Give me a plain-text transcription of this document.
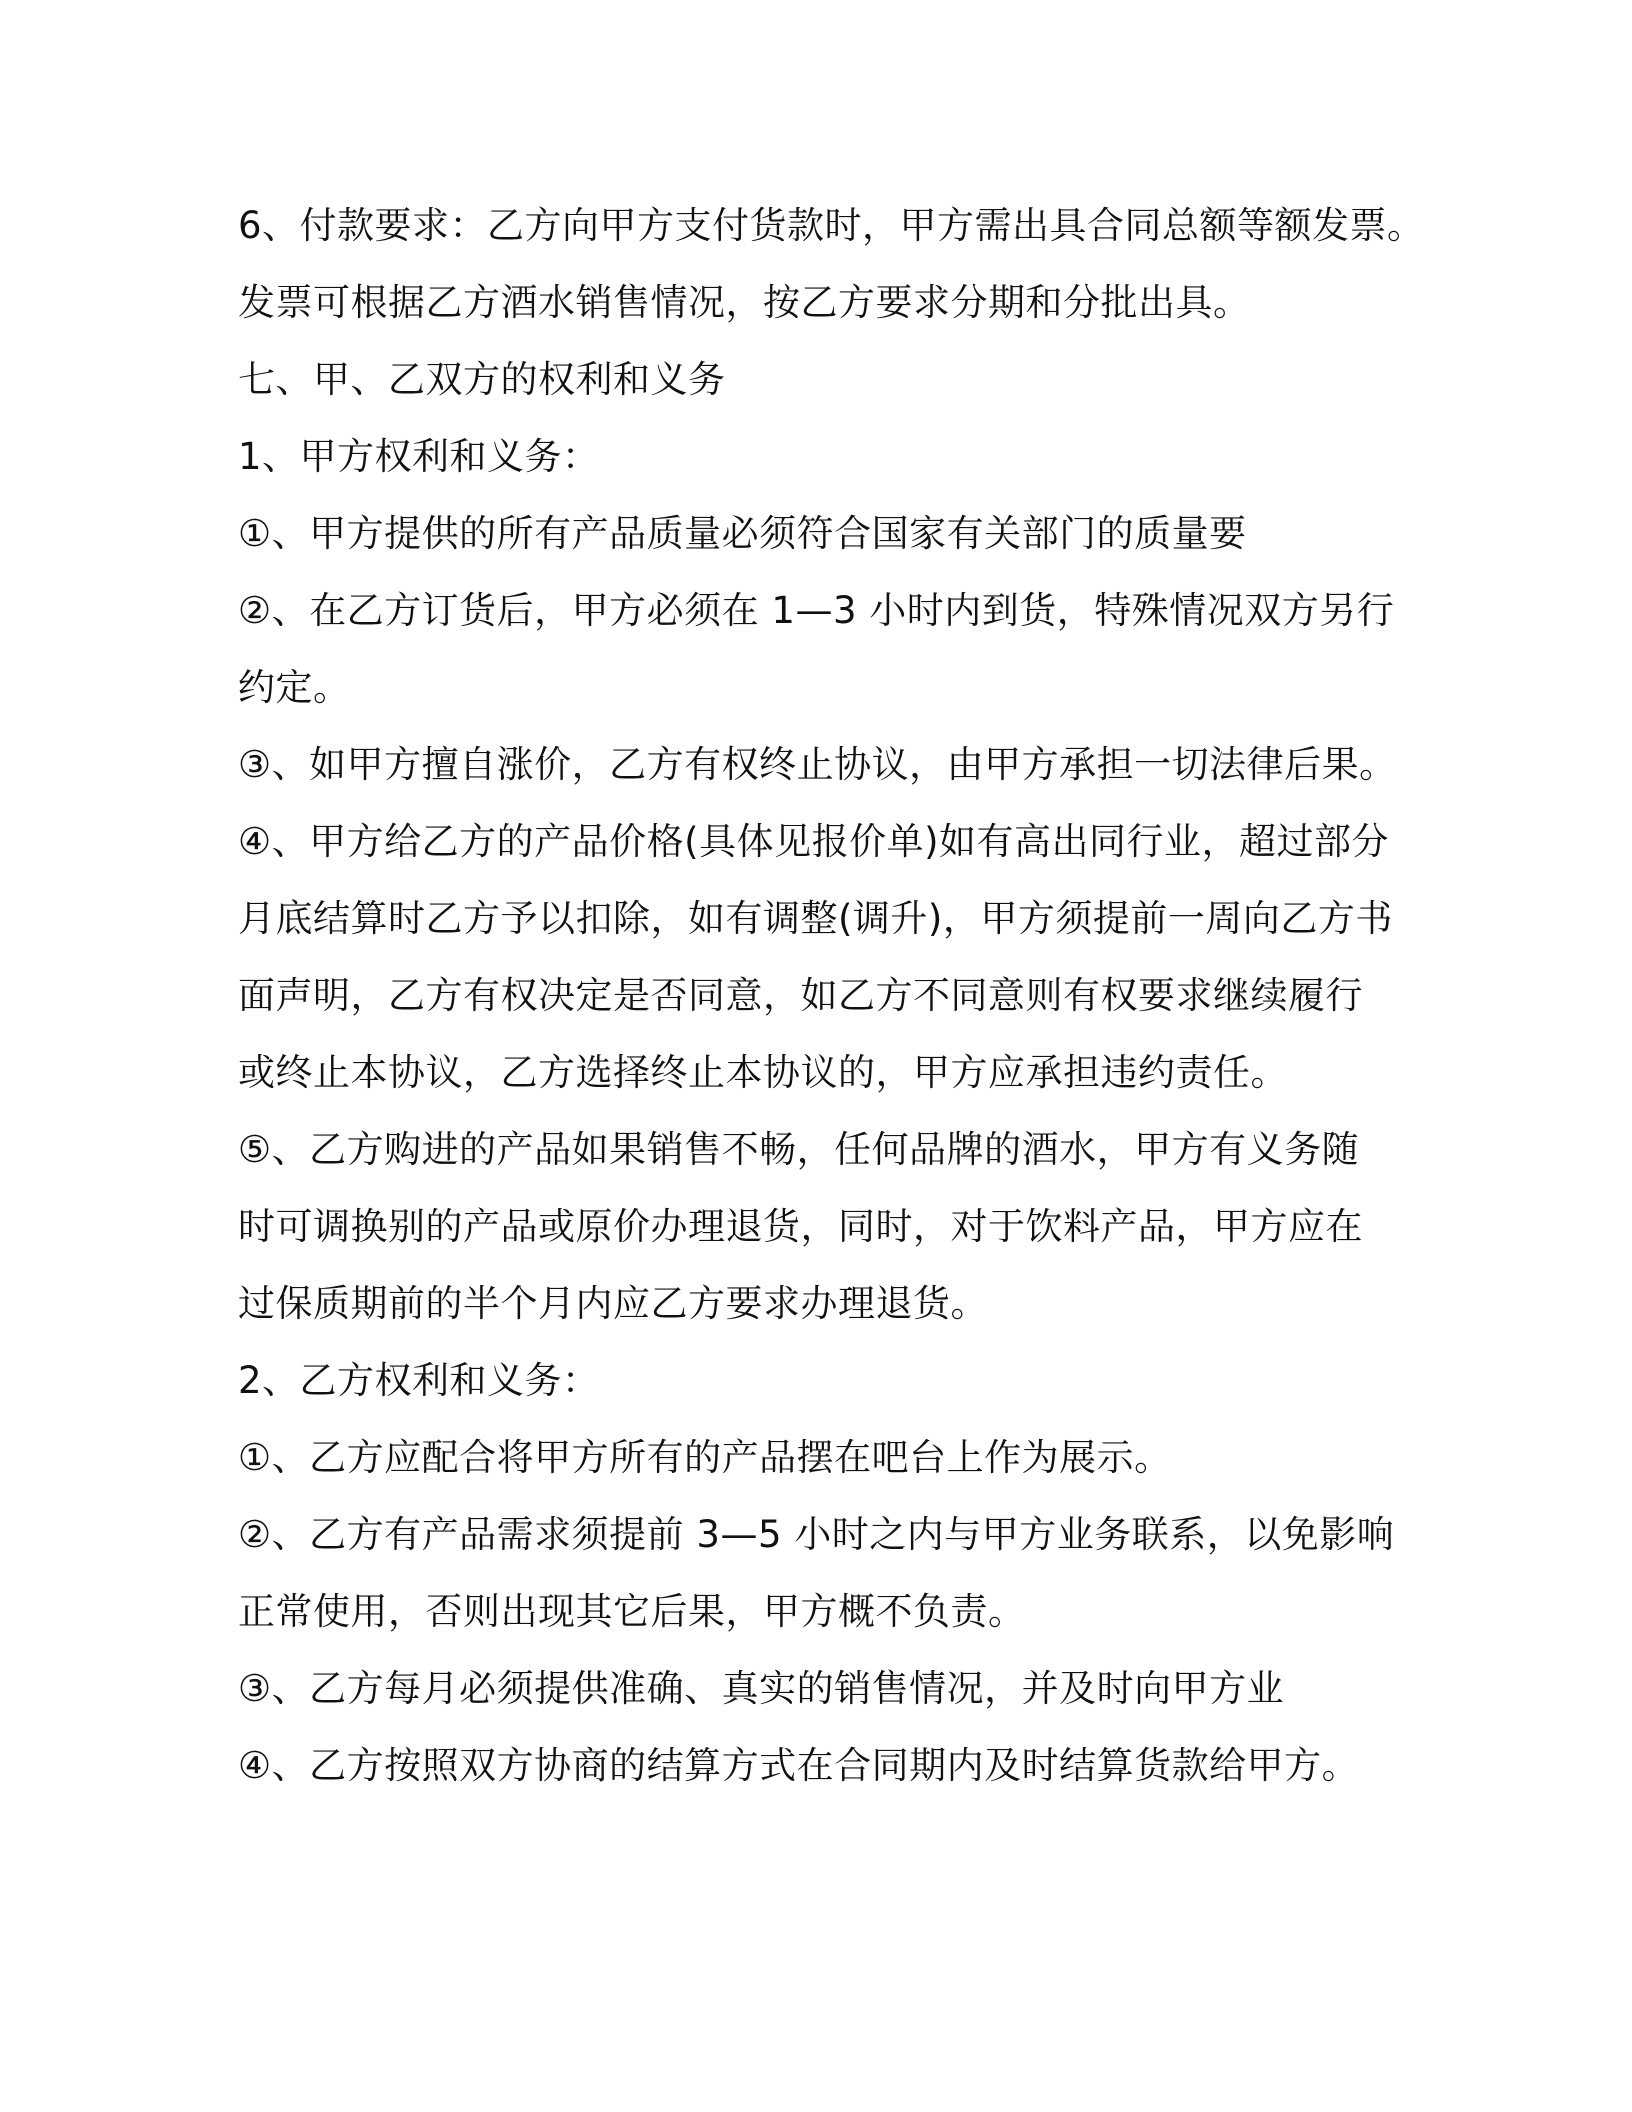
6、付款要求：乙方向甲方支付货款时，甲方需出具合同总额等额发票。
发票可根据乙方酒水销售情况，按乙方要求分期和分批出具。
七、甲、乙双方的权利和义务
1、甲方权利和义务：
①、甲方提供的所有产品质量必须符合国家有关部门的质量要
②、在乙方订货后，甲方必须在 1—3 小时内到货，特殊情况双方另行
约定。
③、如甲方擅自涨价，乙方有权终止协议，由甲方承担一切法律后果。
④、甲方给乙方的产品价格(具体见报价单)如有高出同行业，超过部分
月底结算时乙方予以扣除，如有调整(调升)，甲方须提前一周向乙方书
面声明，乙方有权决定是否同意，如乙方不同意则有权要求继续履行
或终止本协议，乙方选择终止本协议的，甲方应承担违约责任。
⑤、乙方购进的产品如果销售不畅，任何品牌的酒水，甲方有义务随
时可调换别的产品或原价办理退货，同时，对于饮料产品，甲方应在
过保质期前的半个月内应乙方要求办理退货。
2、乙方权利和义务：
①、乙方应配合将甲方所有的产品摆在吧台上作为展示。
②、乙方有产品需求须提前 3—5 小时之内与甲方业务联系，以免影响
正常使用，否则出现其它后果，甲方概不负责。
③、乙方每月必须提供准确、真实的销售情况，并及时向甲方业
④、乙方按照双方协商的结算方式在合同期内及时结算货款给甲方。
